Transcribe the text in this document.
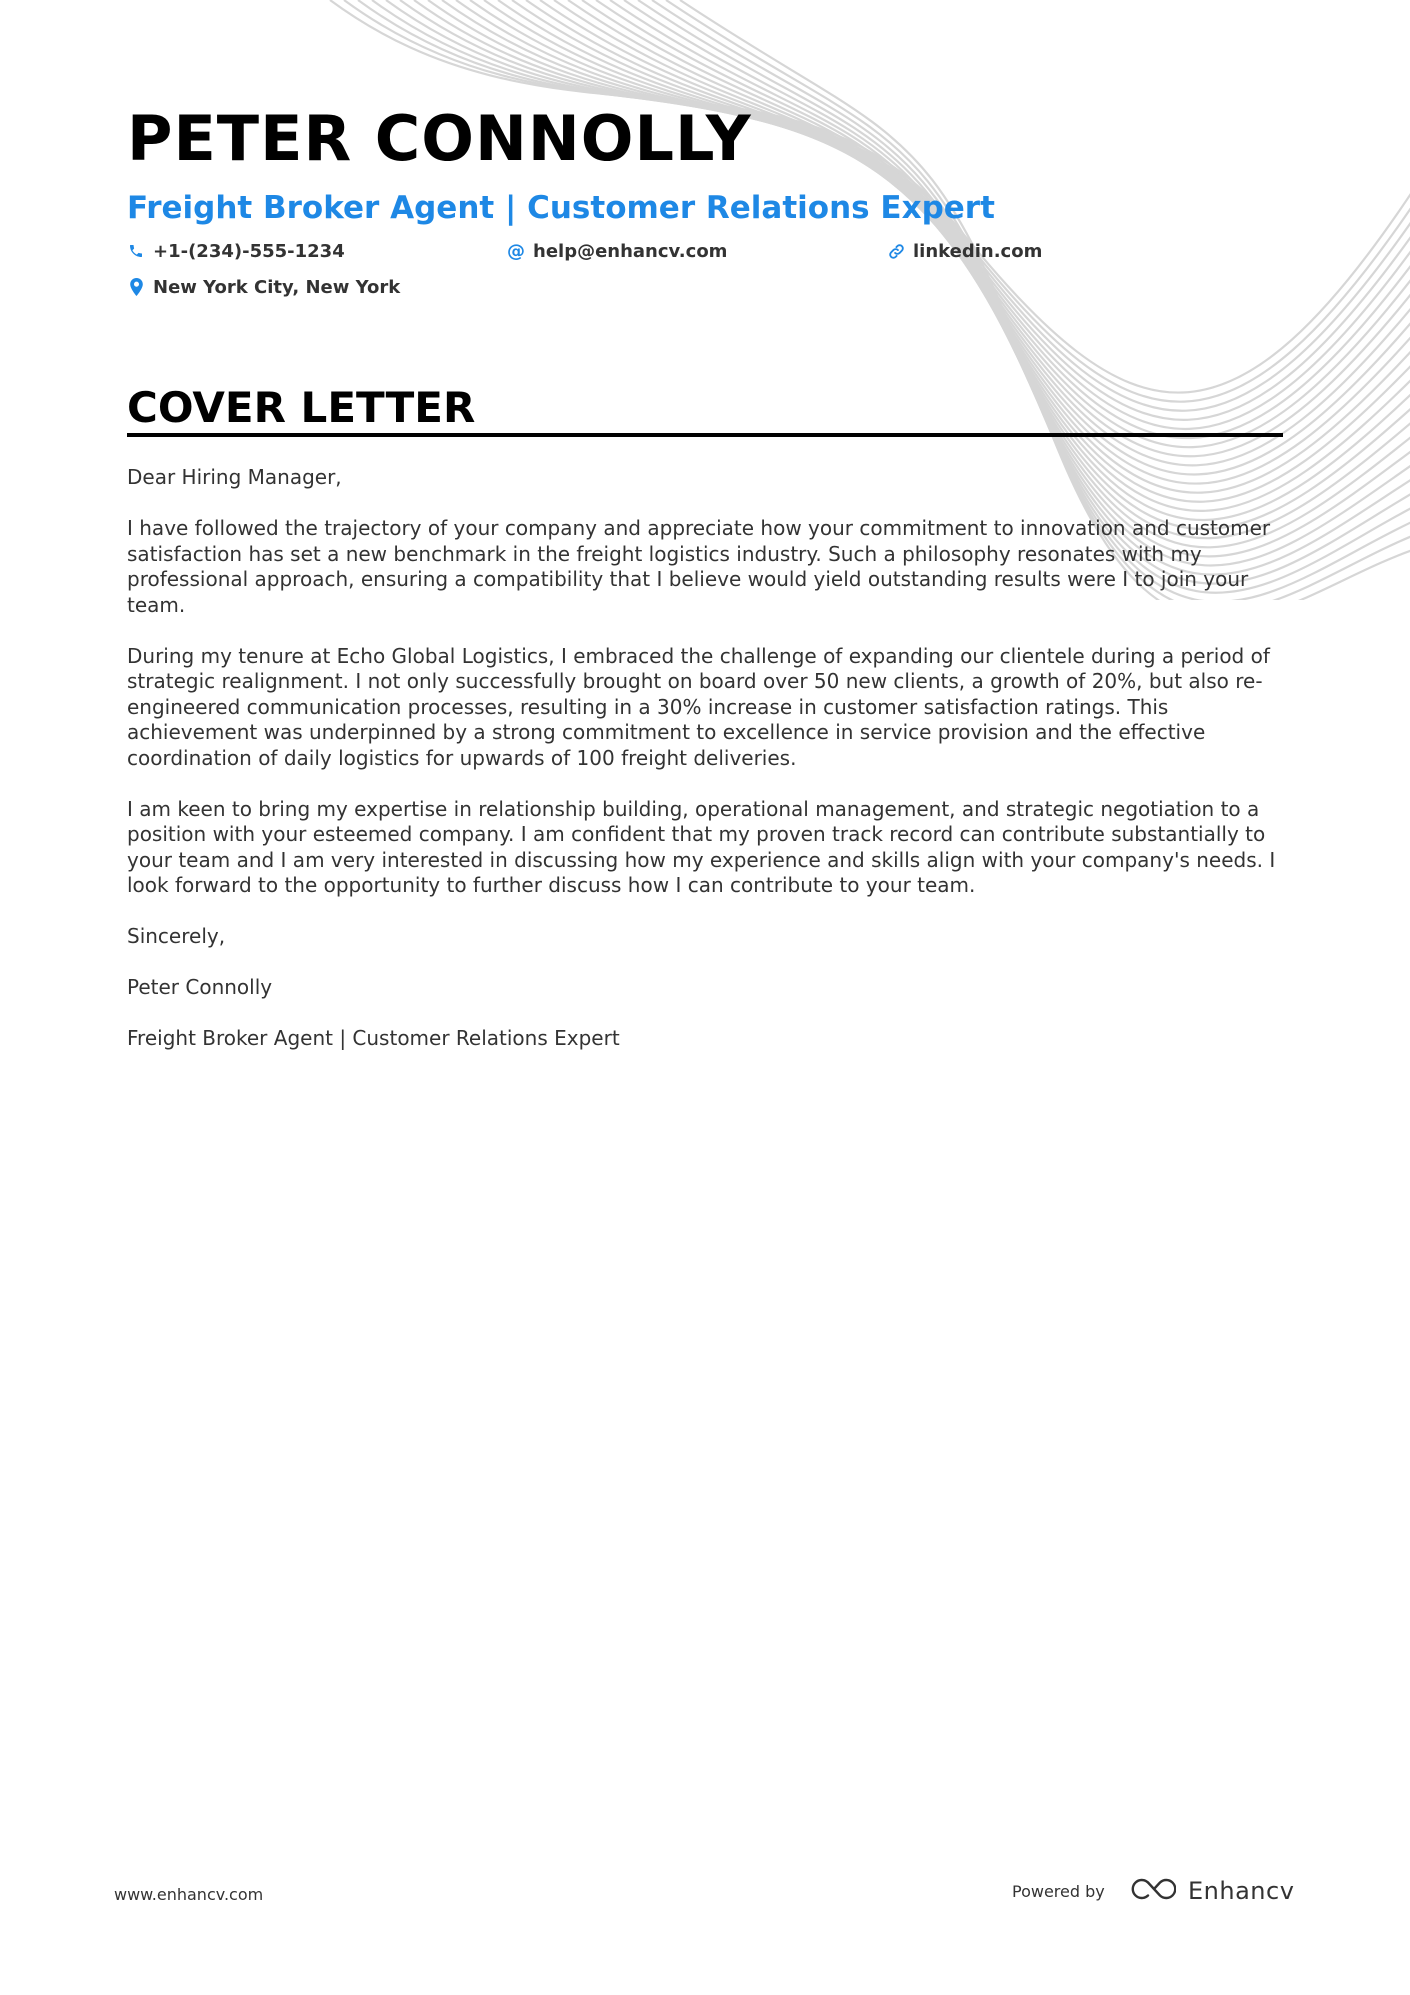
PETER CONNOLLY
Freight Broker Agent | Customer Relations Expert
+1-(234)-555-1234	@ help@enhancv.com	linkedin.com
New York City, New York
COVER LETTER

Dear Hiring Manager,

I have followed the trajectory of your company and appreciate how your commitment to innovation and customer satisfaction has set a new benchmark in the freight logistics industry. Such a philosophy resonates with my professional approach, ensuring a compatibility that I believe would yield outstanding results were I to join your team.

During my tenure at Echo Global Logistics, I embraced the challenge of expanding our clientele during a period of strategic realignment. I not only successfully brought on board over 50 new clients, a growth of 20%, but also re-engineered communication processes, resulting in a 30% increase in customer satisfaction ratings. This achievement was underpinned by a strong commitment to excellence in service provision and the effective coordination of daily logistics for upwards of 100 freight deliveries.

I am keen to bring my expertise in relationship building, operational management, and strategic negotiation to a position with your esteemed company. I am confident that my proven track record can contribute substantially to your team and I am very interested in discussing how my experience and skills align with your company's needs. I look forward to the opportunity to further discuss how I can contribute to your team.

Sincerely,

Peter Connolly

Freight Broker Agent | Customer Relations Expert

www.enhancv.com	Powered by	Enhancv
